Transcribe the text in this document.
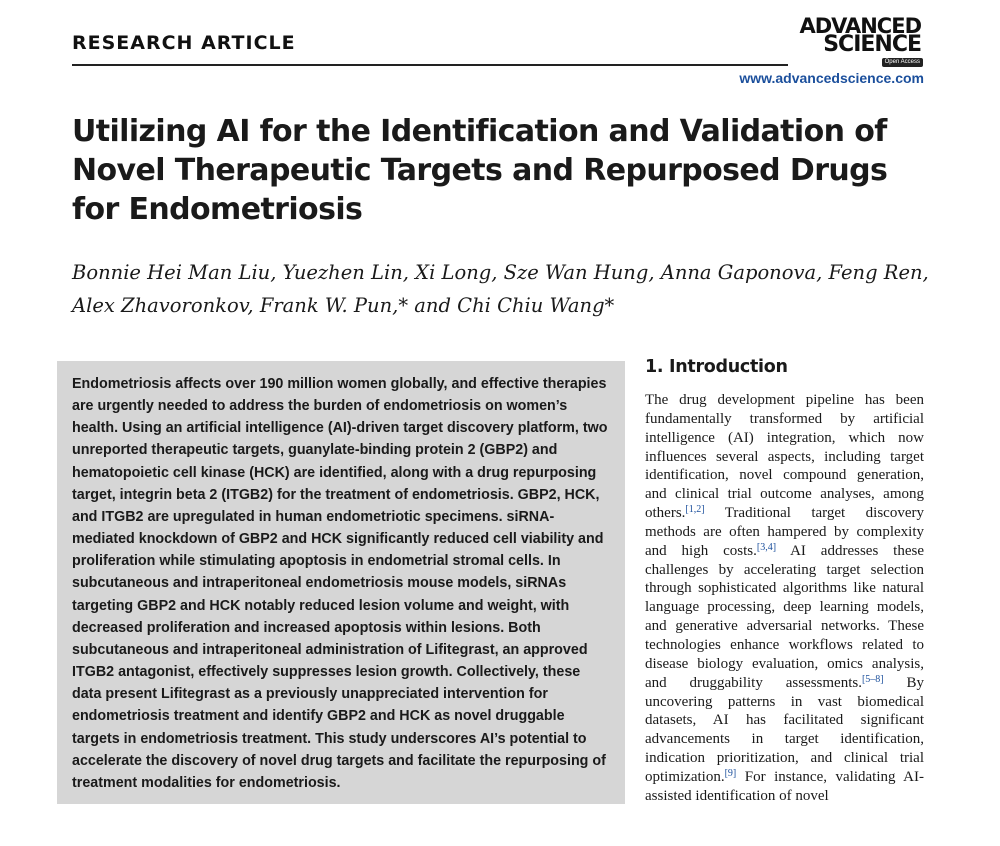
RESEARCH ARTICLE
ADVANCED
SCIENCE
Open Access
www.advancedscience.com
Utilizing AI for the Identification and Validation of Novel Therapeutic Targets and Repurposed Drugs for Endometriosis
Bonnie Hei Man Liu, Yuezhen Lin, Xi Long, Sze Wan Hung, Anna Gaponova, Feng Ren, Alex Zhavoronkov, Frank W. Pun,* and Chi Chiu Wang*

Endometriosis affects over 190 million women globally, and effective therapies are urgently needed to address the burden of endometriosis on women’s health. Using an artificial intelligence (AI)-driven target discovery platform, two unreported therapeutic targets, guanylate-binding protein 2 (GBP2) and hematopoietic cell kinase (HCK) are identified, along with a drug repurposing target, integrin beta 2 (ITGB2) for the treatment of endometriosis. GBP2, HCK, and ITGB2 are upregulated in human endometriotic specimens. siRNA-mediated knockdown of GBP2 and HCK significantly reduced cell viability and proliferation while stimulating apoptosis in endometrial stromal cells. In subcutaneous and intraperitoneal endometriosis mouse models, siRNAs targeting GBP2 and HCK notably reduced lesion volume and weight, with decreased proliferation and increased apoptosis within lesions. Both subcutaneous and intraperitoneal administration of Lifitegrast, an approved ITGB2 antagonist, effectively suppresses lesion growth. Collectively, these data present Lifitegrast as a previously unappreciated intervention for endometriosis treatment and identify GBP2 and HCK as novel druggable targets in endometriosis treatment. This study underscores AI’s potential to accelerate the discovery of novel drug targets and facilitate the repurposing of treatment modalities for endometriosis.

1. Introduction

The drug development pipeline has been fundamentally transformed by artificial intelligence (AI) integration, which now influences several aspects, including target identification, novel compound generation, and clinical trial outcome analyses, among others.[1,2] Traditional target discovery methods are often hampered by complexity and high costs.[3,4] AI addresses these challenges by accelerating target selection through sophisticated algorithms like natural language processing, deep learning models, and generative adversarial networks. These technologies enhance workflows related to disease biology evaluation, omics analysis, and druggability assessments.[5–8] By uncovering patterns in vast biomedical datasets, AI has facilitated significant advancements in target identification, indication prioritization, and clinical trial optimization.[9] For instance, validating AI-assisted identification of novel
